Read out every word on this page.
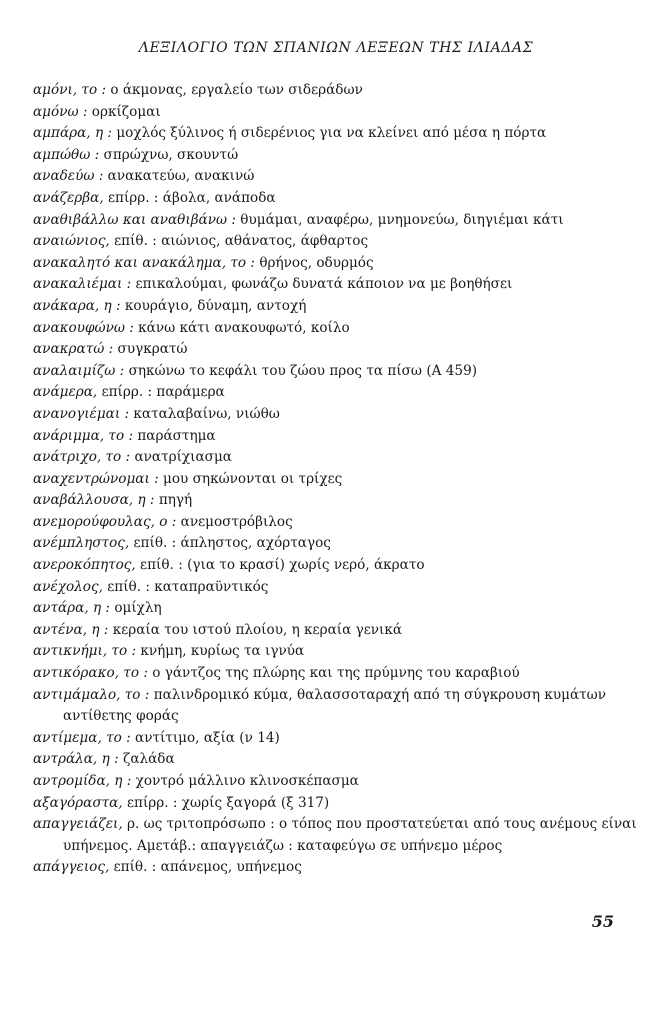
ΛΕΞΙΛΟΓΙΟ ΤΩΝ ΣΠΑΝΙΩΝ ΛΕΞΕΩΝ ΤΗΣ ΙΛΙΑΔΑΣ
αμόνι, το : ο άκμονας, εργαλείο των σιδεράδων
αμόνω : ορκίζομαι
αμπάρα, η : μοχλός ξύλινος ή σιδερένιος για να κλείνει από μέσα η πόρτα
αμπώθω : σπρώχνω, σκουντώ
αναδεύω : ανακατεύω, ανακινώ
ανάζερβα, επίρρ. : άβολα, ανάποδα
αναθιβάλλω και αναθιβάνω : θυμάμαι, αναφέρω, μνημονεύω, διηγιέμαι κάτι
αναιώνιος, επίθ. : αιώνιος, αθάνατος, άφθαρτος
ανακαλητό και ανακάλημα, το : θρήνος, οδυρμός
ανακαλιέμαι : επικαλούμαι, φωνάζω δυνατά κάποιον να με βοηθήσει
ανάκαρα, η : κουράγιο, δύναμη, αντοχή
ανακουφώνω : κάνω κάτι ανακουφωτό, κοίλο
ανακρατώ : συγκρατώ
αναλαιμίζω : σηκώνω το κεφάλι του ζώου προς τα πίσω (Α 459)
ανάμερα, επίρρ. : παράμερα
ανανογιέμαι : καταλαβαίνω, νιώθω
ανάριμμα, το : παράστημα
ανάτριχο, το : ανατρίχιασμα
αναχεντρώνομαι : μου σηκώνονται οι τρίχες
αναβάλλουσα, η : πηγή
ανεμορούφουλας, ο : ανεμοστρόβιλος
ανέμπληστος, επίθ. : άπληστος, αχόρταγος
ανεροκόπητος, επίθ. : (για το κρασί) χωρίς νερό, άκρατο
ανέχολος, επίθ. : καταπραϋντικός
αντάρα, η : ομίχλη
αντένα, η : κεραία του ιστού πλοίου, η κεραία γενικά
αντικνήμι, το : κνήμη, κυρίως τα ιγνύα
αντικόρακο, το : ο γάντζος της πλώρης και της πρύμνης του καραβιού
αντιμάμαλο, το : παλινδρομικό κύμα, θαλασσοταραχή από τη σύγκρουση κυμάτων αντίθετης φοράς
αντίμεμα, το : αντίτιμο, αξία (ν 14)
αντράλα, η : ζαλάδα
αντρομίδα, η : χοντρό μάλλινο κλινοσκέπασμα
αξαγόραστα, επίρρ. : χωρίς ξαγορά (ξ 317)
απαγγειάζει, ρ. ως τριτοπρόσωπο : ο τόπος που προστατεύεται από τους ανέμους είναι υπήνεμος. Αμετάβ.: απαγγειάζω : καταφεύγω σε υπήνεμο μέρος
απάγγειος, επίθ. : απάνεμος, υπήνεμος
55
